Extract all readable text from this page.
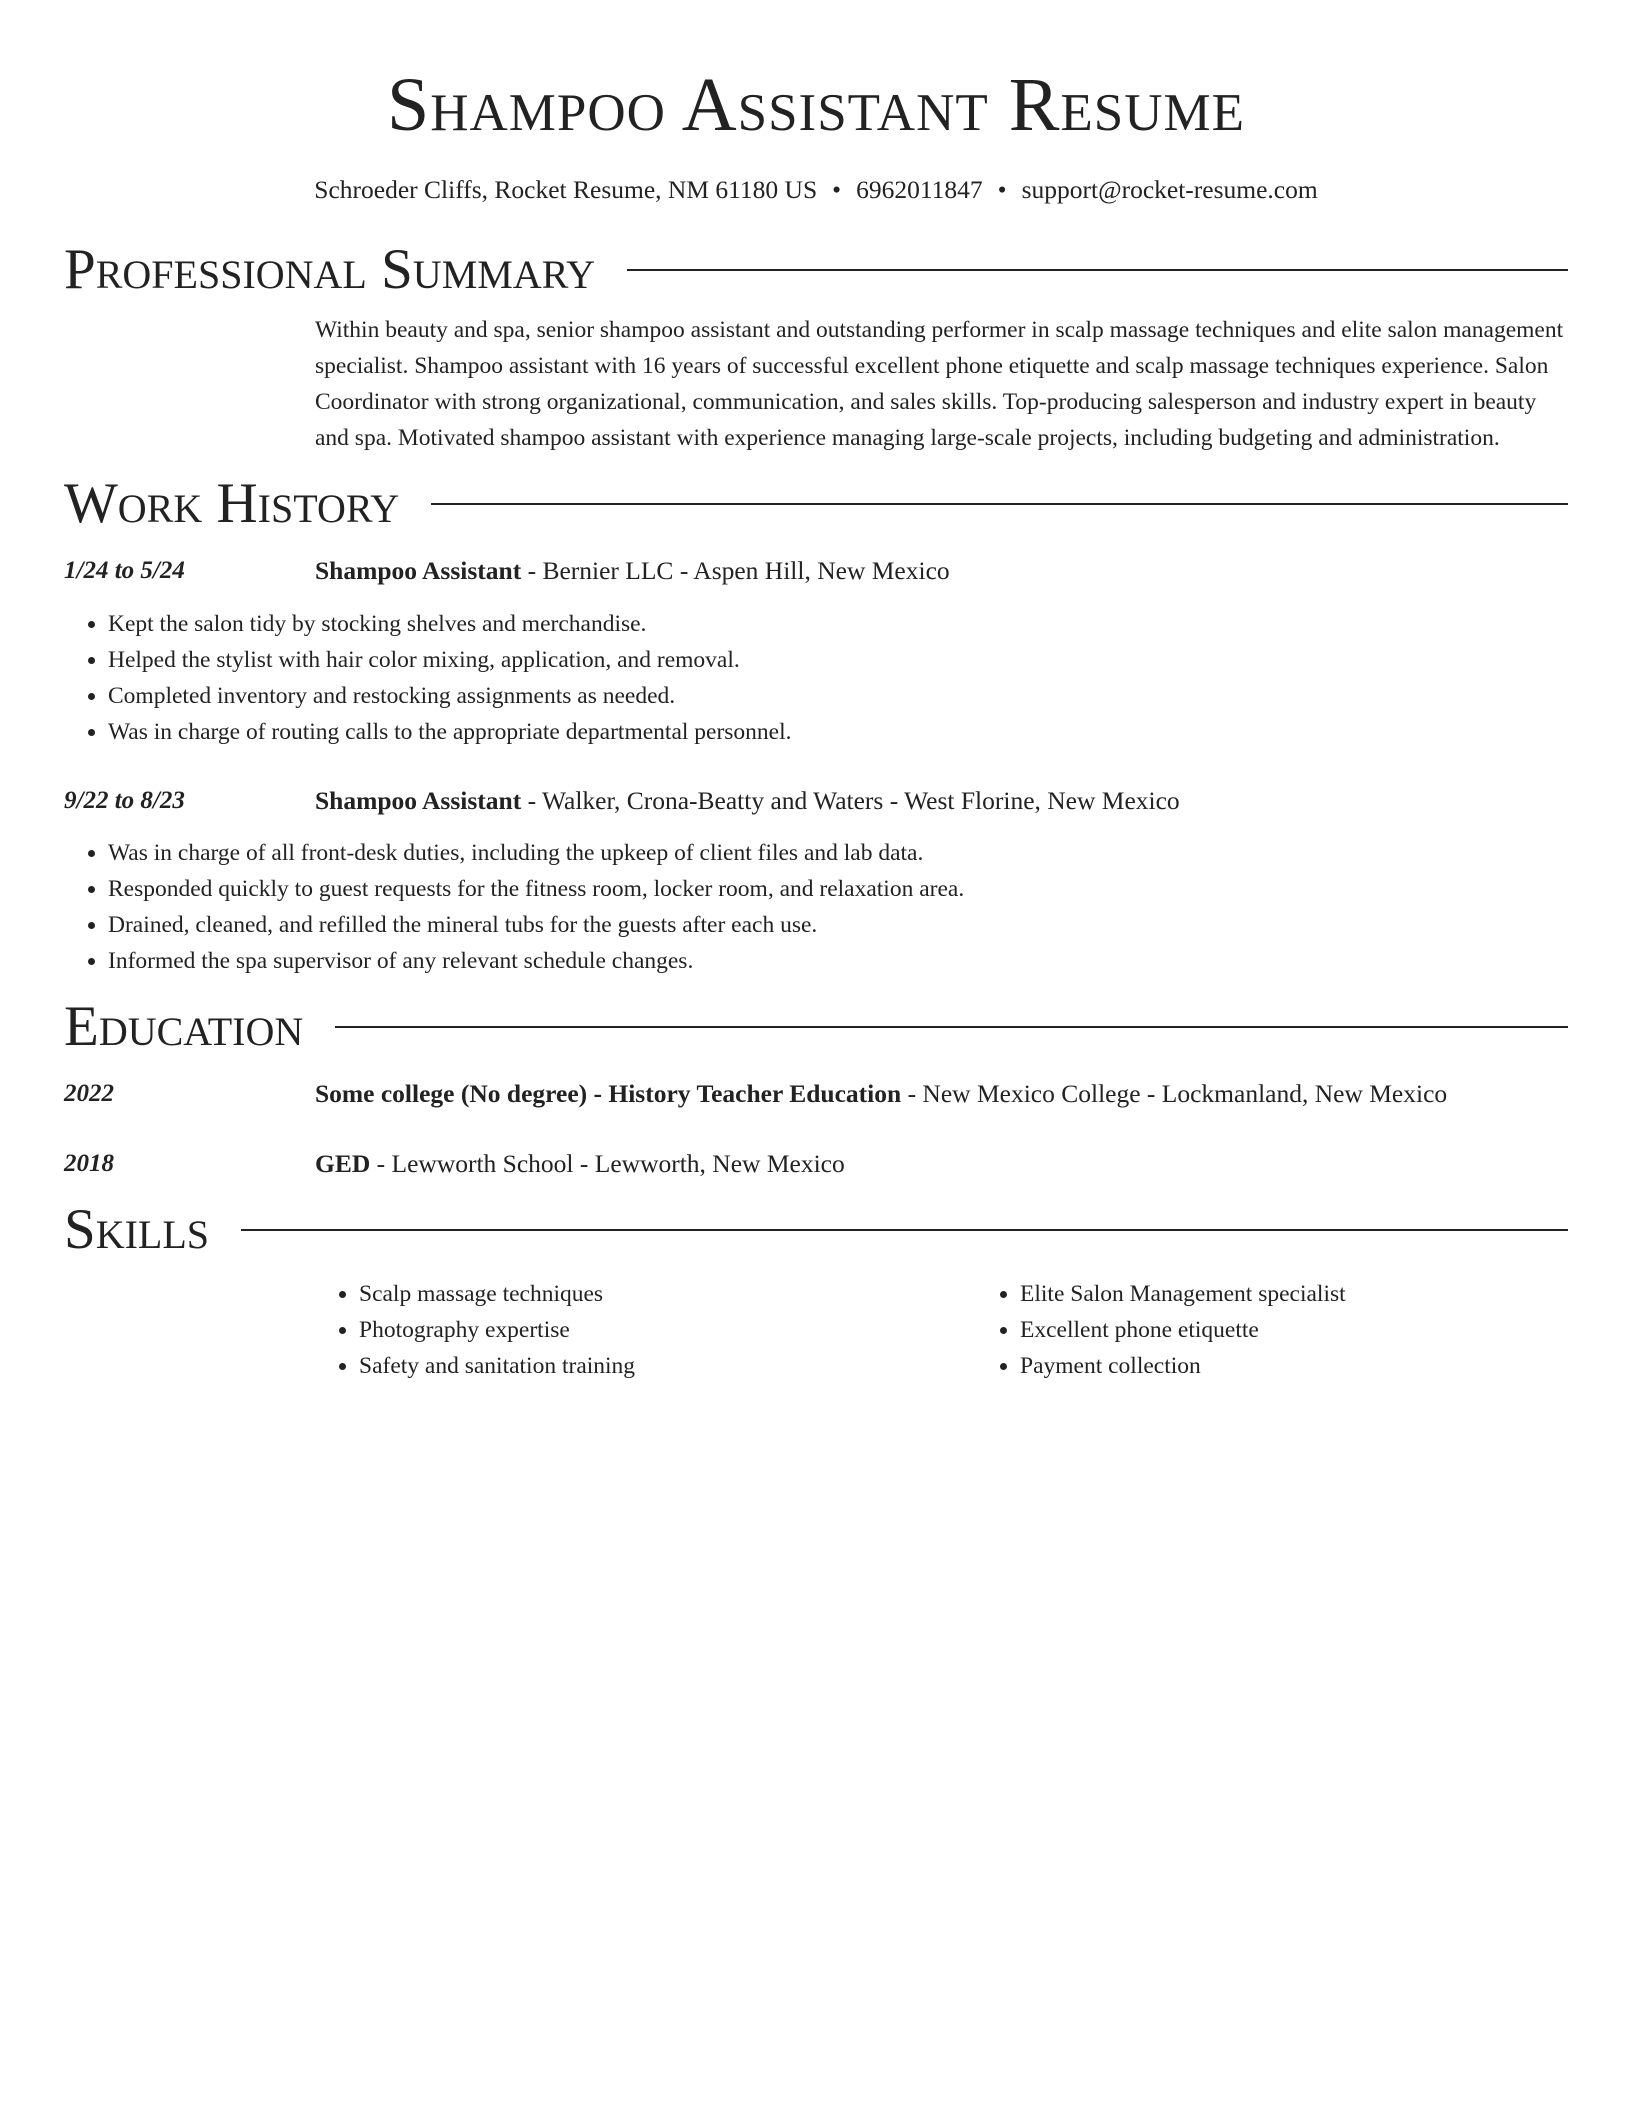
Shampoo Assistant Resume
Schroeder Cliffs, Rocket Resume, NM 61180 US • 6962011847 • support@rocket-resume.com
Professional Summary
Within beauty and spa, senior shampoo assistant and outstanding performer in scalp massage techniques and elite salon management specialist. Shampoo assistant with 16 years of successful excellent phone etiquette and scalp massage techniques experience. Salon Coordinator with strong organizational, communication, and sales skills. Top-producing salesperson and industry expert in beauty and spa. Motivated shampoo assistant with experience managing large-scale projects, including budgeting and administration.
Work History
1/24 to 5/24	Shampoo Assistant - Bernier LLC - Aspen Hill, New Mexico
• Kept the salon tidy by stocking shelves and merchandise.
• Helped the stylist with hair color mixing, application, and removal.
• Completed inventory and restocking assignments as needed.
• Was in charge of routing calls to the appropriate departmental personnel.
9/22 to 8/23	Shampoo Assistant - Walker, Crona-Beatty and Waters - West Florine, New Mexico
• Was in charge of all front-desk duties, including the upkeep of client files and lab data.
• Responded quickly to guest requests for the fitness room, locker room, and relaxation area.
• Drained, cleaned, and refilled the mineral tubs for the guests after each use.
• Informed the spa supervisor of any relevant schedule changes.
Education
2022	Some college (No degree) - History Teacher Education - New Mexico College - Lockmanland, New Mexico
2018	GED - Lewworth School - Lewworth, New Mexico
Skills
• Scalp massage techniques
• Photography expertise
• Safety and sanitation training
• Elite Salon Management specialist
• Excellent phone etiquette
• Payment collection
